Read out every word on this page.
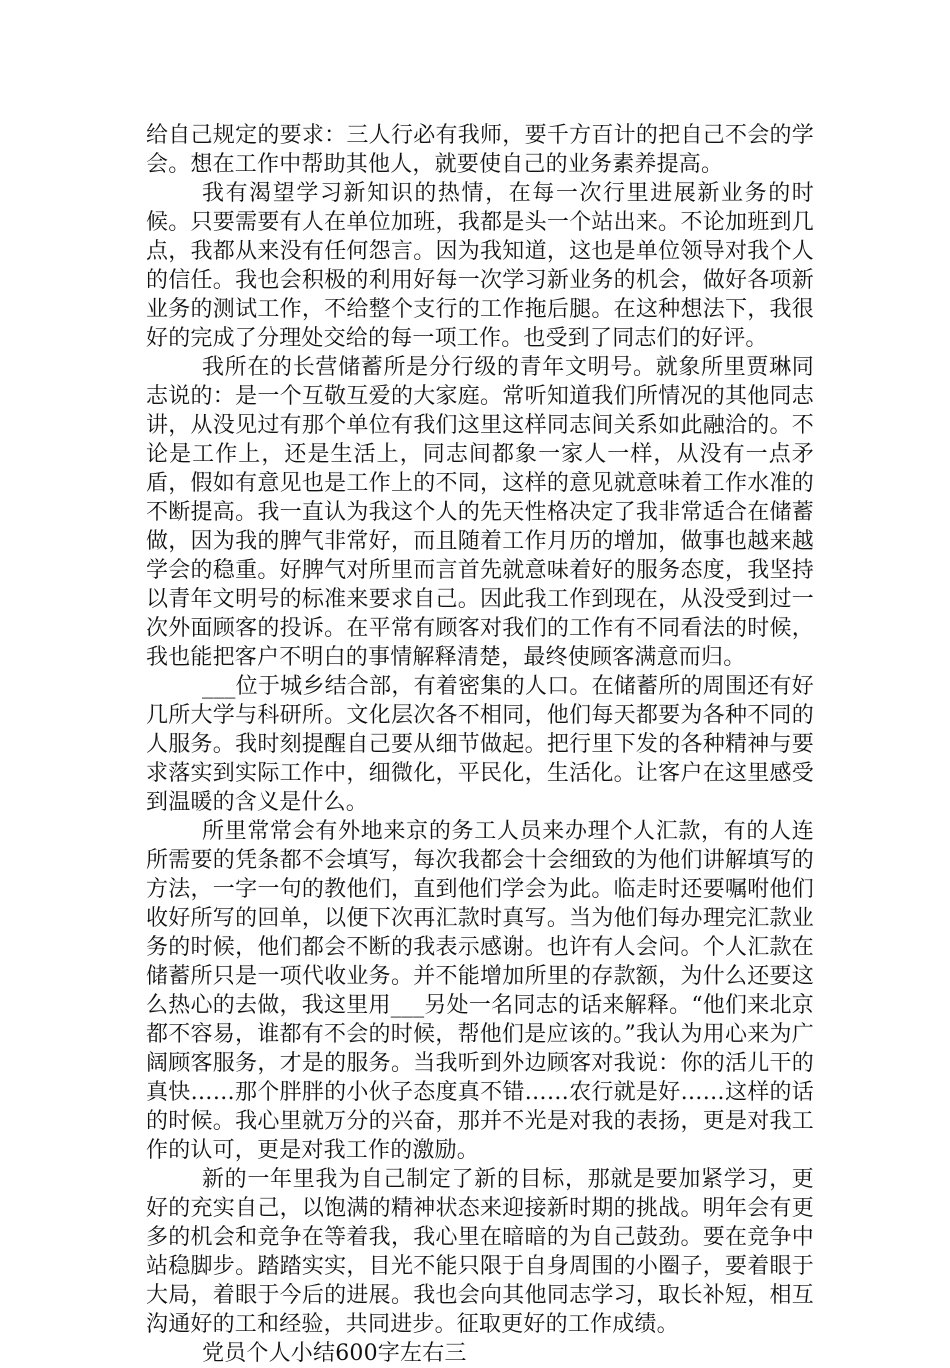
给自己规定的要求：三人行必有我师，要千方百计的把自己不会的学会。想在工作中帮助其他人，就要使自己的业务素养提高。

我有渴望学习新知识的热情，在每一次行里进展新业务的时候。只要需要有人在单位加班，我都是头一个站出来。不论加班到几点，我都从来没有任何怨言。因为我知道，这也是单位领导对我个人的信任。我也会积极的利用好每一次学习新业务的机会，做好各项新业务的测试工作，不给整个支行的工作拖后腿。在这种想法下，我很好的完成了分理处交给的每一项工作。也受到了同志们的好评。

我所在的长营储蓄所是分行级的青年文明号。就象所里贾琳同志说的：是一个互敬互爱的大家庭。常听知道我们所情况的其他同志讲，从没见过有那个单位有我们这里这样同志间关系如此融洽的。不论是工作上，还是生活上，同志间都象一家人一样，从没有一点矛盾，假如有意见也是工作上的不同，这样的意见就意味着工作水准的不断提高。我一直认为我这个人的先天性格决定了我非常适合在储蓄做，因为我的脾气非常好，而且随着工作月历的增加，做事也越来越学会的稳重。好脾气对所里而言首先就意味着好的服务态度，我坚持以青年文明号的标准来要求自己。因此我工作到现在，从没受到过一次外面顾客的投诉。在平常有顾客对我们的工作有不同看法的时候，我也能把客户不明白的事情解释清楚，最终使顾客满意而归。

___位于城乡结合部，有着密集的人口。在储蓄所的周围还有好几所大学与科研所。文化层次各不相同，他们每天都要为各种不同的人服务。我时刻提醒自己要从细节做起。把行里下发的各种精神与要求落实到实际工作中，细微化，平民化，生活化。让客户在这里感受到温暖的含义是什么。

所里常常会有外地来京的务工人员来办理个人汇款，有的人连所需要的凭条都不会填写，每次我都会十会细致的为他们讲解填写的方法，一字一句的教他们，直到他们学会为此。临走时还要嘱咐他们收好所写的回单，以便下次再汇款时真写。当为他们每办理完汇款业务的时候，他们都会不断的我表示感谢。也许有人会问。个人汇款在储蓄所只是一项代收业务。并不能增加所里的存款额，为什么还要这么热心的去做，我这里用___另处一名同志的话来解释。“他们来北京都不容易，谁都有不会的时候，帮他们是应该的。”我认为用心来为广阔顾客服务，才是的服务。当我听到外边顾客对我说：你的活儿干的真快……那个胖胖的小伙子态度真不错……农行就是好……这样的话的时候。我心里就万分的兴奋，那并不光是对我的表扬，更是对我工作的认可，更是对我工作的激励。

新的一年里我为自己制定了新的目标，那就是要加紧学习，更好的充实自己，以饱满的精神状态来迎接新时期的挑战。明年会有更多的机会和竞争在等着我，我心里在暗暗的为自己鼓劲。要在竞争中站稳脚步。踏踏实实，目光不能只限于自身周围的小圈子，要着眼于大局，着眼于今后的进展。我也会向其他同志学习，取长补短，相互沟通好的工和经验，共同进步。征取更好的工作成绩。

党员个人小结600字左右三
